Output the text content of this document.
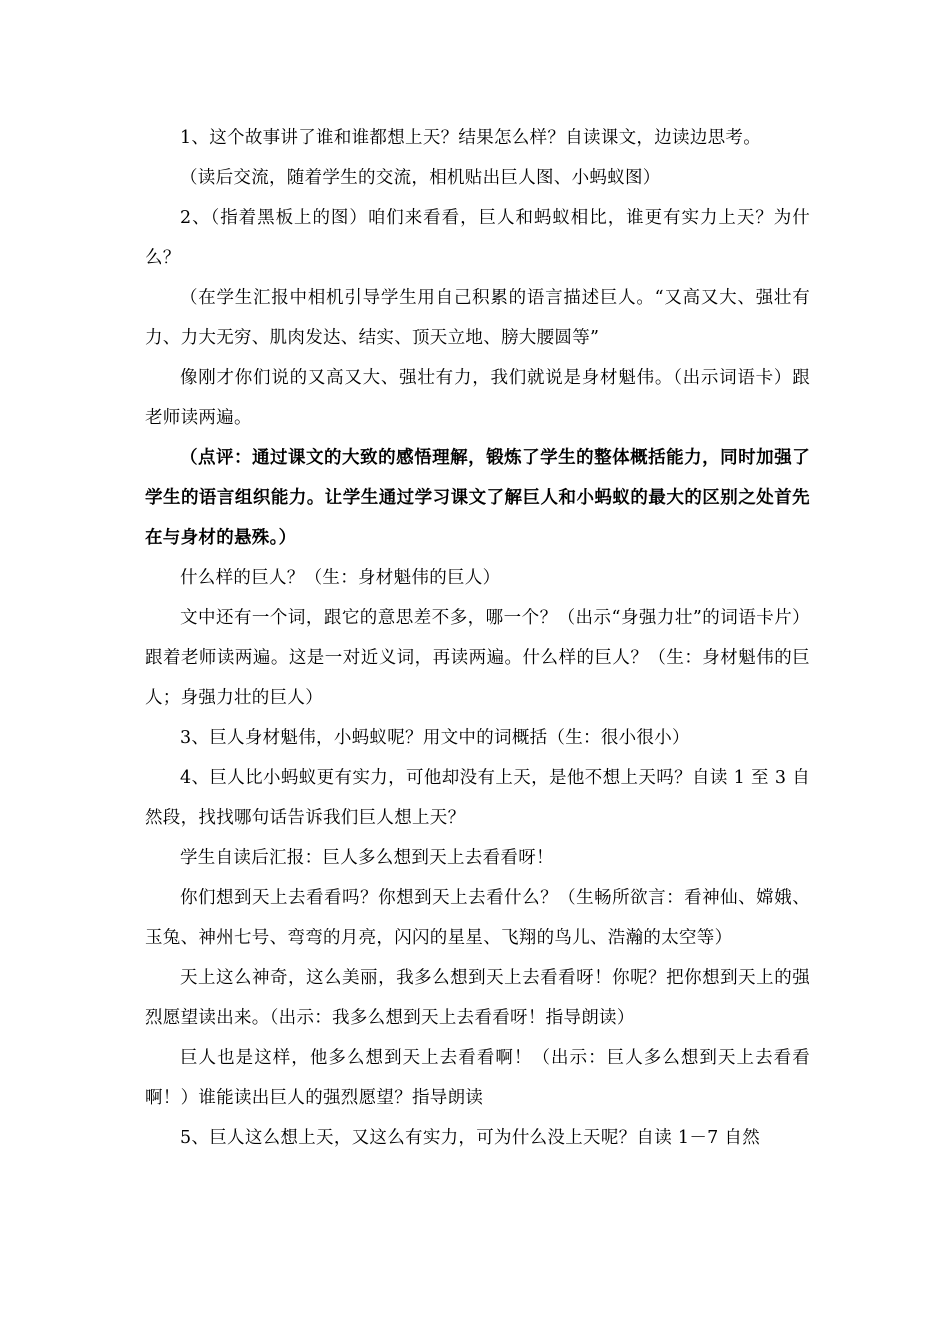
1、这个故事讲了谁和谁都想上天？结果怎么样？自读课文，边读边思考。

（读后交流，随着学生的交流，相机贴出巨人图、小蚂蚁图）

2、（指着黑板上的图）咱们来看看，巨人和蚂蚁相比，谁更有实力上天？为什么？

（在学生汇报中相机引导学生用自己积累的语言描述巨人。“又高又大、强壮有力、力大无穷、肌肉发达、结实、顶天立地、膀大腰圆等”

像刚才你们说的又高又大、强壮有力，我们就说是身材魁伟。（出示词语卡）跟老师读两遍。

（点评：通过课文的大致的感悟理解，锻炼了学生的整体概括能力，同时加强了学生的语言组织能力。让学生通过学习课文了解巨人和小蚂蚁的最大的区别之处首先在与身材的悬殊。）

什么样的巨人？（生：身材魁伟的巨人）

文中还有一个词，跟它的意思差不多，哪一个？（出示“身强力壮”的词语卡片）跟着老师读两遍。这是一对近义词，再读两遍。什么样的巨人？（生：身材魁伟的巨人；身强力壮的巨人）

3、巨人身材魁伟，小蚂蚁呢？用文中的词概括（生：很小很小）

4、巨人比小蚂蚁更有实力，可他却没有上天，是他不想上天吗？自读 1 至 3 自然段，找找哪句话告诉我们巨人想上天？

学生自读后汇报：巨人多么想到天上去看看呀！

你们想到天上去看看吗？你想到天上去看什么？（生畅所欲言：看神仙、嫦娥、玉兔、神州七号、弯弯的月亮，闪闪的星星、飞翔的鸟儿、浩瀚的太空等）

天上这么神奇，这么美丽，我多么想到天上去看看呀！你呢？把你想到天上的强烈愿望读出来。（出示：我多么想到天上去看看呀！指导朗读）

巨人也是这样，他多么想到天上去看看啊！（出示：巨人多么想到天上去看看啊！）谁能读出巨人的强烈愿望？指导朗读

5、巨人这么想上天，又这么有实力，可为什么没上天呢？自读 1－7 自然
